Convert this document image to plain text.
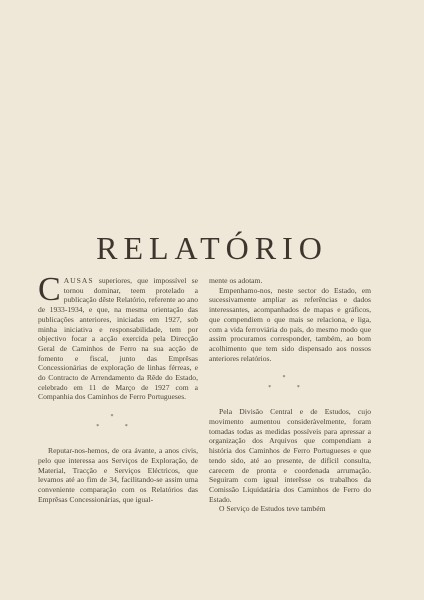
RELATÓRIO

CAUSAS superiores, que impossível se tornou dominar, teem protelado a publicação dêste Relatório, referente ao ano de 1933-1934, e que, na mesma orientação das publicações anteriores, iniciadas em 1927, sob minha iniciativa e responsabilidade, tem por objectivo focar a acção exercida pela Direcção Geral de Caminhos de Ferro na sua acção de fomento e fiscal, junto das Emprêsas Concessionárias de exploração de linhas férreas, e do Contracto de Arrendamento da Rêde do Estado, celebrado em 11 de Março de 1927 com a Companhia dos Caminhos de Ferro Portugueses.

*
* *

Reputar-nos-hemos, de ora ávante, a anos civis, pelo que interessa aos Serviços de Exploração, de Material, Tracção e Serviços Eléctricos, que levamos até ao fim de 34, facilitando-se assim uma conveniente comparação com os Relatórios das Emprêsas Concessionárias, que igual-

mente os adotam.

Empenhamo-nos, neste sector do Estado, em sucessivamente ampliar as referências e dados interessantes, acompanhados de mapas e gráficos, que compendiem o que mais se relaciona, e liga, com a vida ferroviária do país, do mesmo modo que assim procuramos corresponder, também, ao bom acolhimento que tem sido dispensado aos nossos anteriores relatórios.

*
* *

Pela Divisão Central e de Estudos, cujo movimento aumentou consideràvelmente, foram tomadas todas as medidas possíveis para apressar a organização dos Arquivos que compendiam a história dos Caminhos de Ferro Portugueses e que tendo sido, até ao presente, de difícil consulta, carecem de pronta e coordenada arrumação. Seguiram com igual interêsse os trabalhos da Comissão Liquidatária dos Caminhos de Ferro do Estado.

O Serviço de Estudos teve também
